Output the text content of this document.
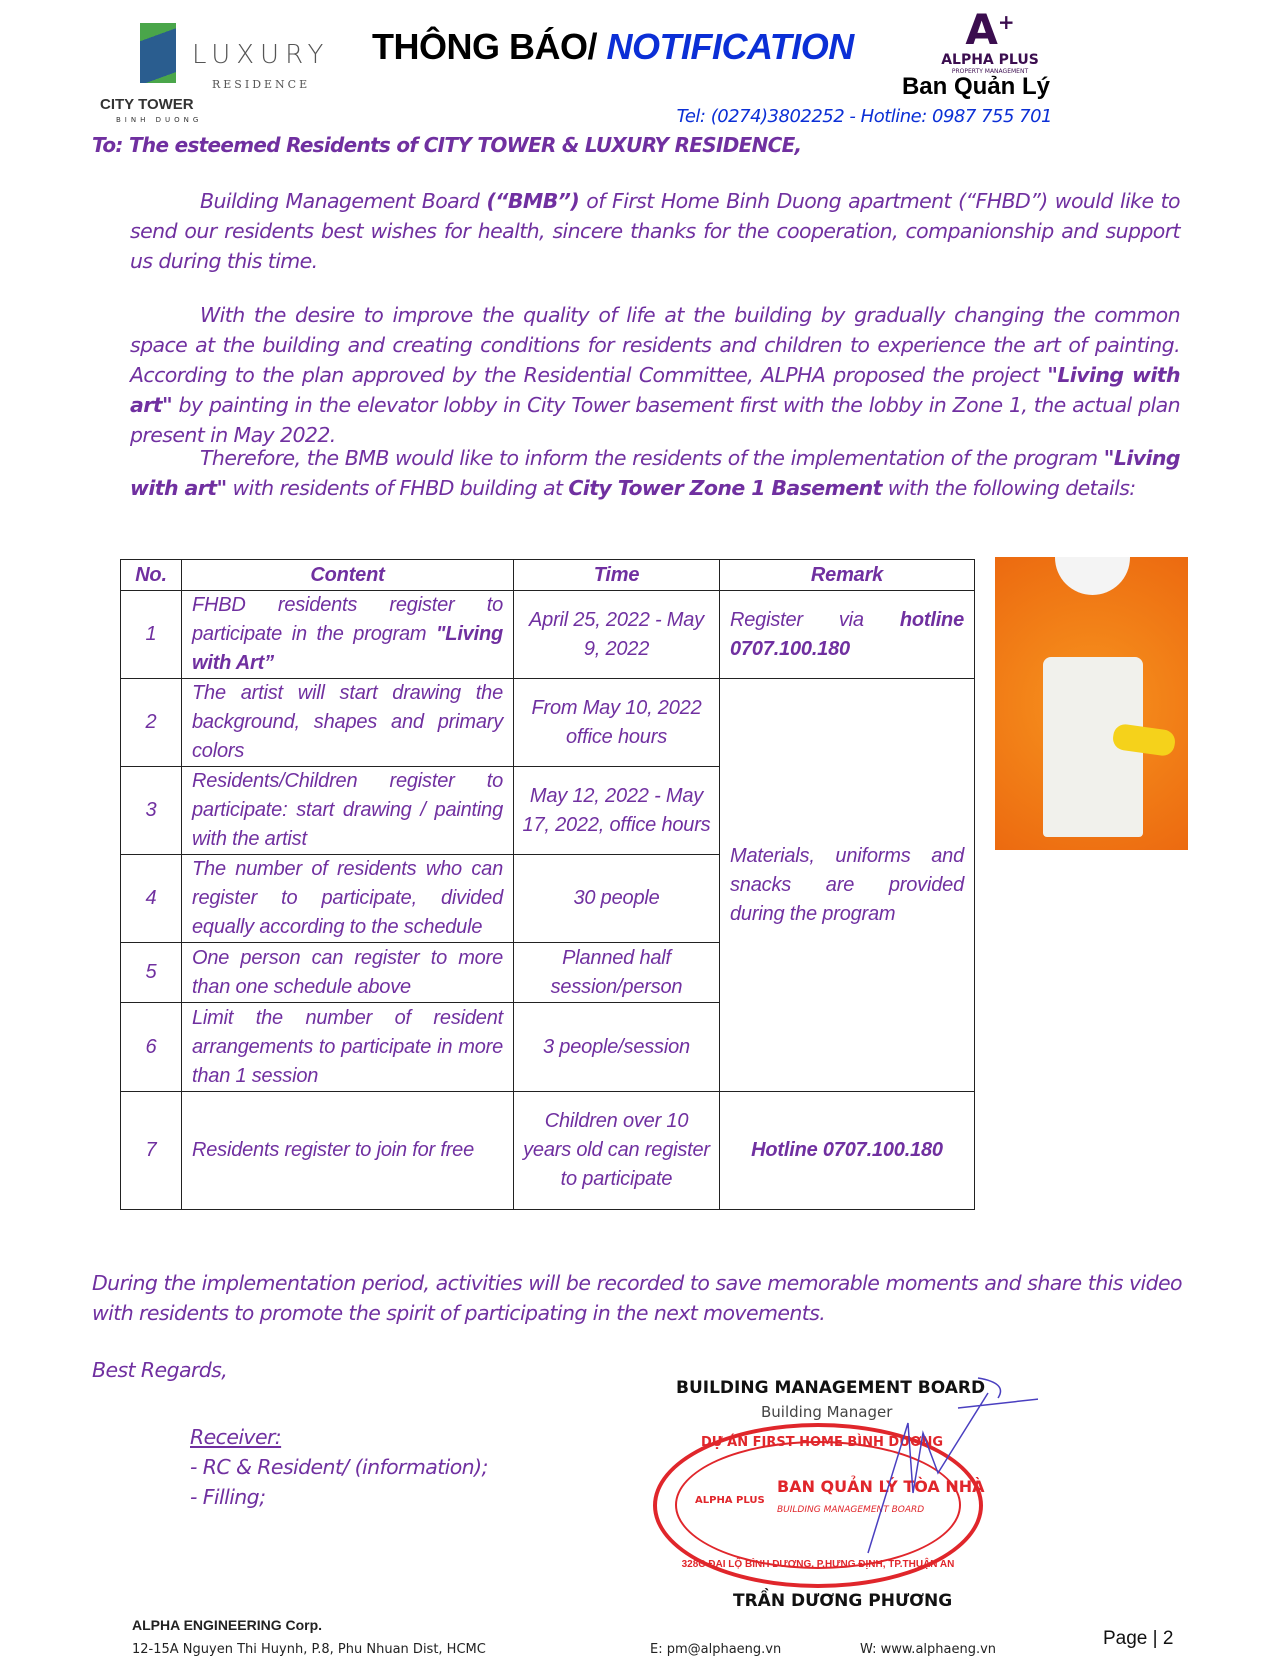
LUXURY
RESIDENCE
CITY TOWER
BINH DUONG
THÔNG BÁO/ NOTIFICATION	A+
ALPHA PLUS
PROPERTY MANAGEMENT
Ban Quản Lý
Tel: (0274)3802252 - Hotline: 0987 755 701
To: The esteemed Residents of CITY TOWER & LUXURY RESIDENCE,

Building Management Board (“BMB”) of First Home Binh Duong apartment (“FHBD”) would like to send our residents best wishes for health, sincere thanks for the cooperation, companionship and support us during this time.

With the desire to improve the quality of life at the building by gradually changing the common space at the building and creating conditions for residents and children to experience the art of painting. According to the plan approved by the Residential Committee, ALPHA proposed the project "Living with art" by painting in the elevator lobby in City Tower basement first with the lobby in Zone 1, the actual plan present in May 2022.

Therefore, the BMB would like to inform the residents of the implementation of the program "Living with art" with residents of FHBD building at City Tower Zone 1 Basement with the following details:

No.	Content	Time	Remark
1	FHBD residents register to participate in the program "Living with Art”	April 25, 2022 - May 9, 2022	Register via hotline 0707.100.180
2	The artist will start drawing the background, shapes and primary colors	From May 10, 2022 office hours	Materials, uniforms and snacks are provided during the program
3	Residents/Children register to participate: start drawing / painting with the artist	May 12, 2022 - May 17, 2022, office hours	
4	The number of residents who can register to participate, divided equally according to the schedule	30 people	
5	One person can register to more than one schedule above	Planned half session/person	
6	Limit the number of resident arrangements to participate in more than 1 session	3 people/session	
7	Residents register to join for free	Children over 10 years old can register to participate	Hotline 0707.100.180

During the implementation period, activities will be recorded to save memorable moments and share this video with residents to promote the spirit of participating in the next movements.

Best Regards,
Receiver:
- RC & Resident/ (information);
- Filling;
BUILDING MANAGEMENT BOARD
Building Manager
DỰ ÁN FIRST HOME BÌNH DƯƠNG
ALPHA PLUS
BAN QUẢN LÝ TÒA NHÀ
BUILDING MANAGEMENT BOARD
328C ĐẠI LỘ BÌNH DƯƠNG, P.HƯNG ĐỊNH, TP.THUẬN AN
TRẦN DƯƠNG PHƯƠNG
ALPHA ENGINEERING Corp.
12-15A Nguyen Thi Huynh, P.8, Phu Nhuan Dist, HCMC	E: pm@alphaeng.vn	W: www.alphaeng.vn
Page | 2
